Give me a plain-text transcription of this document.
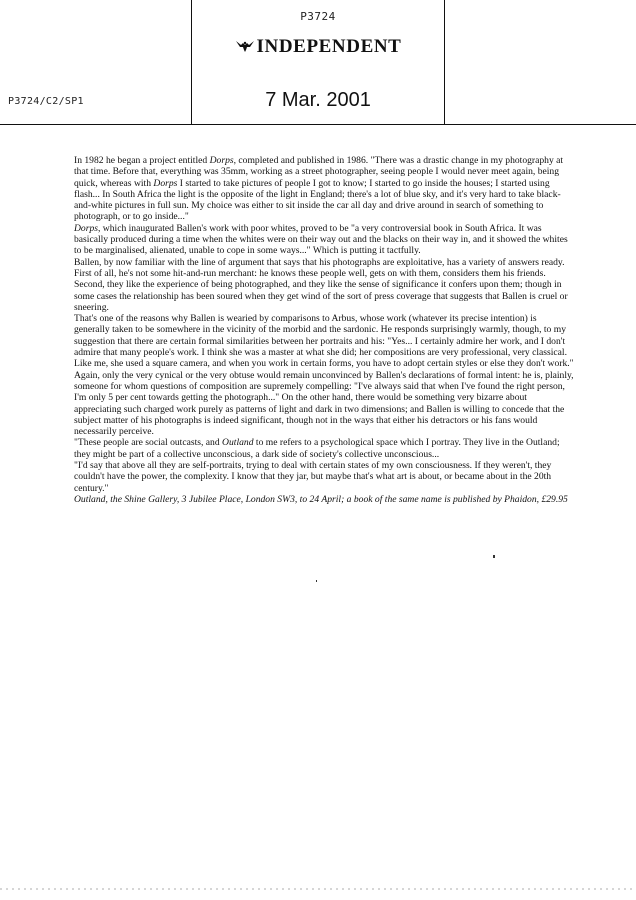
P3724
INDEPENDENT
P3724/C2/SP1	7 Mar. 2001

In 1982 he began a project entitled Dorps, completed and published in 1986. "There was a drastic change in my photography at that time. Before that, everything was 35mm, working as a street photographer, seeing people I would never meet again, being quick, whereas with Dorps I started to take pictures of people I got to know; I started to go inside the houses; I started using flash... In South Africa the light is the opposite of the light in England; there's a lot of blue sky, and it's very hard to take black-and-white pictures in full sun. My choice was either to sit inside the car all day and drive around in search of something to photograph, or to go inside..."

Dorps, which inaugurated Ballen's work with poor whites, proved to be "a very controversial book in South Africa. It was basically produced during a time when the whites were on their way out and the blacks on their way in, and it showed the whites to be marginalised, alienated, unable to cope in some ways..." Which is putting it tactfully.

Ballen, by now familiar with the line of argument that says that his photographs are exploitative, has a variety of answers ready. First of all, he's not some hit-and-run merchant: he knows these people well, gets on with them, considers them his friends. Second, they like the experience of being photographed, and they like the sense of significance it confers upon them; though in some cases the relationship has been soured when they get wind of the sort of press coverage that suggests that Ballen is cruel or sneering.

That's one of the reasons why Ballen is wearied by comparisons to Arbus, whose work (whatever its precise intention) is generally taken to be somewhere in the vicinity of the morbid and the sardonic. He responds surprisingly warmly, though, to my suggestion that there are certain formal similarities between her portraits and his: "Yes... I certainly admire her work, and I don't admire that many people's work. I think she was a master at what she did; her compositions are very professional, very classical. Like me, she used a square camera, and when you work in certain forms, you have to adopt certain styles or else they don't work."

Again, only the very cynical or the very obtuse would remain unconvinced by Ballen's declarations of formal intent: he is, plainly, someone for whom questions of composition are supremely compelling: "I've always said that when I've found the right person, I'm only 5 per cent towards getting the photograph..." On the other hand, there would be something very bizarre about appreciating such charged work purely as patterns of light and dark in two dimensions; and Ballen is willing to concede that the subject matter of his photographs is indeed significant, though not in the ways that either his detractors or his fans would necessarily perceive.

"These people are social outcasts, and Outland to me refers to a psychological space which I portray. They live in the Outland; they might be part of a collective unconscious, a dark side of society's collective unconscious...

"I'd say that above all they are self-portraits, trying to deal with certain states of my own consciousness. If they weren't, they couldn't have the power, the complexity. I know that they jar, but maybe that's what art is about, or became about in the 20th century."

Outland, the Shine Gallery, 3 Jubilee Place, London SW3, to 24 April; a book of the same name is published by Phaidon, £29.95
